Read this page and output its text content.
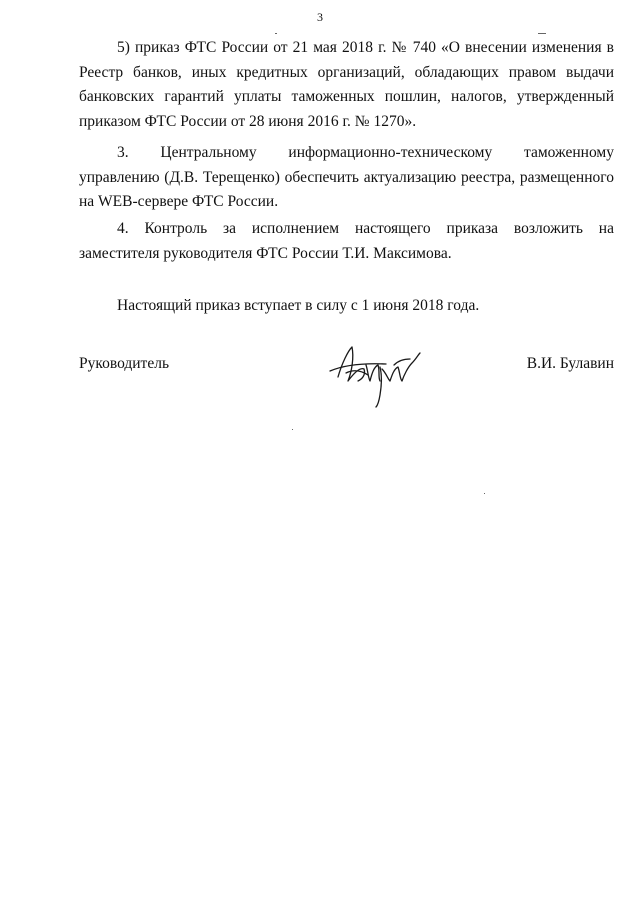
3

5) приказ ФТС России от 21 мая 2018 г. № 740 «О внесении изменения в Реестр банков, иных кредитных организаций, обладающих правом выдачи банковских гарантий уплаты таможенных пошлин, налогов, утвержденный приказом ФТС России от 28 июня 2016 г. № 1270».

3. Центральному информационно-техническому таможенному управлению (Д.В. Терещенко) обеспечить актуализацию реестра, размещенного на WEB-сервере ФТС России.

4. Контроль за исполнением настоящего приказа возложить на заместителя руководителя ФТС России Т.И. Максимова.

Настоящий приказ вступает в силу с 1 июня 2018 года.

Руководитель	В.И. Булавин
